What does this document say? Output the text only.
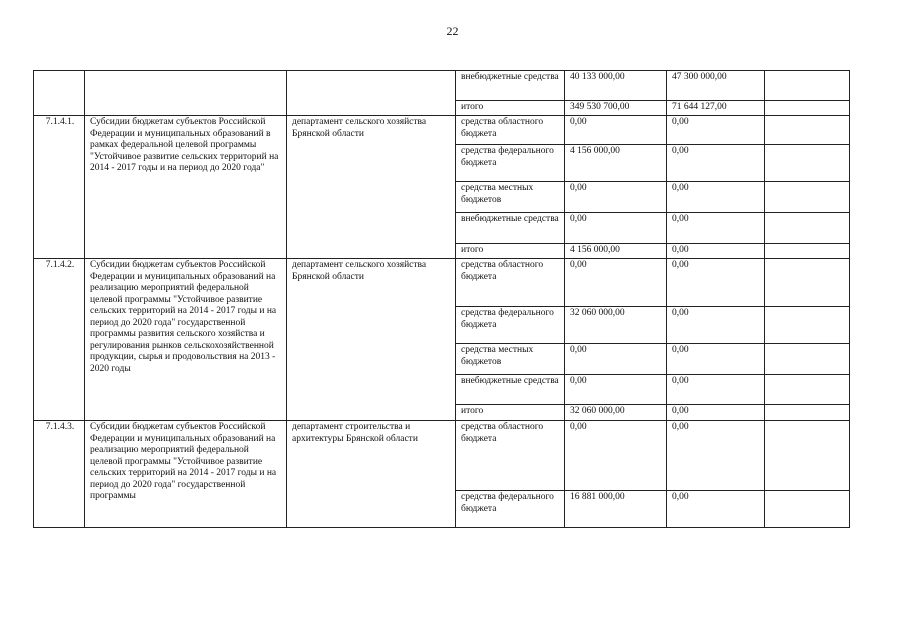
22
			внебюджетные средства	40 133 000,00	47 300 000,00	
			итого	349 530 700,00	71 644 127,00	
7.1.4.1.	Субсидии бюджетам субъектов Российской Федерации и муниципальных образований в рамках федеральной целевой программы "Устойчивое развитие сельских территорий на 2014 - 2017 годы и на период до 2020 года"	департамент сельского хозяйства Брянской области	средства областного бюджета	0,00	0,00	
			средства федерального бюджета	4 156 000,00	0,00	
			средства местных бюджетов	0,00	0,00	
			внебюджетные средства	0,00	0,00	
			итого	4 156 000,00	0,00	
7.1.4.2.	Субсидии бюджетам субъектов Российской Федерации и муниципальных образований на реализацию мероприятий федеральной целевой программы "Устойчивое развитие сельских территорий на 2014 - 2017 годы и на период до 2020 года" государственной программы развития сельского хозяйства и регулирования рынков сельскохозяйственной продукции, сырья и продовольствия на 2013 - 2020 годы	департамент сельского хозяйства Брянской области	средства областного бюджета	0,00	0,00	
			средства федерального бюджета	32 060 000,00	0,00	
			средства местных бюджетов	0,00	0,00	
			внебюджетные средства	0,00	0,00	
			итого	32 060 000,00	0,00	
7.1.4.3.	Субсидии бюджетам субъектов Российской Федерации и муниципальных образований на реализацию мероприятий федеральной целевой программы "Устойчивое развитие сельских территорий на 2014 - 2017 годы и на период до 2020 года" государственной программы	департамент строительства и архитектуры Брянской области	средства областного бюджета	0,00	0,00	
			средства федерального бюджета	16 881 000,00	0,00	
